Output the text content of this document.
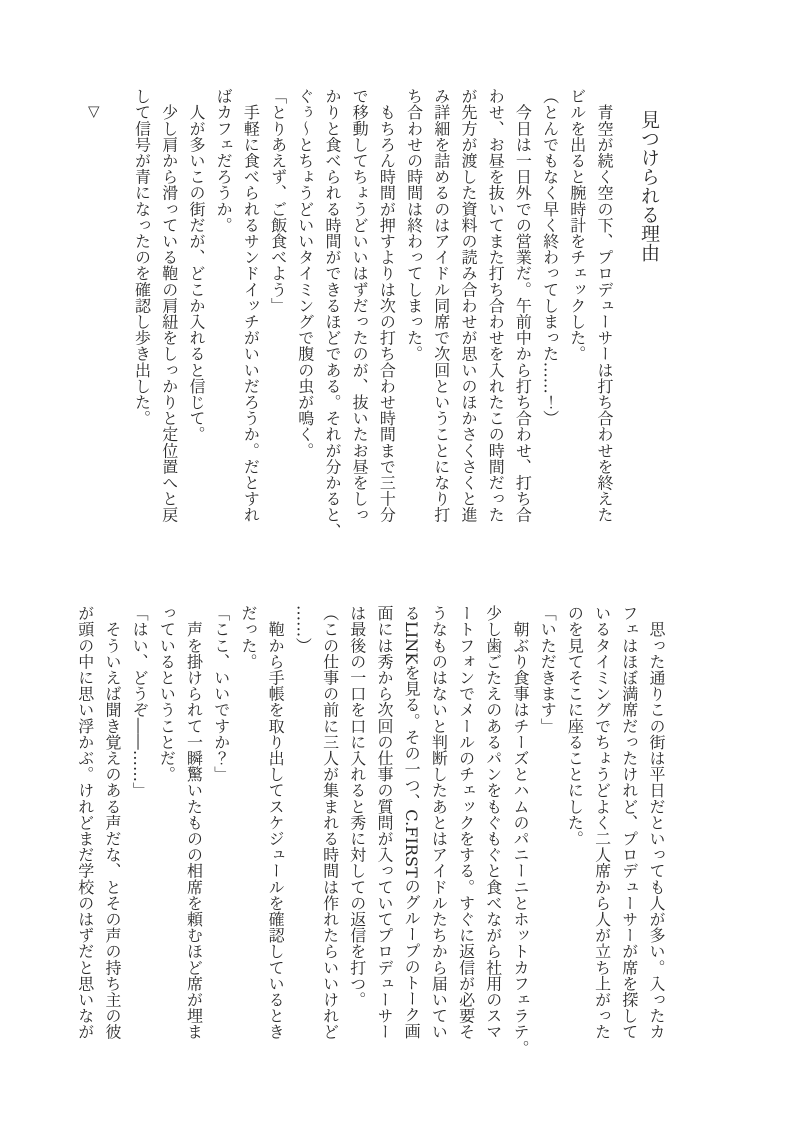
見つけられる理由

　青空が続く空の下、プロデューサーは打ち合わせを終えた

ビルを出ると腕時計をチェックした。

（とんでもなく早く終わってしまった……！）

　今日は一日外での営業だ。午前中から打ち合わせ、打ち合

わせ、お昼を抜いてまた打ち合わせを入れたこの時間だった

が先方が渡した資料の読み合わせが思いのほかさくさくと進

み詳細を詰めるのはアイドル同席で次回ということになり打

ち合わせの時間は終わってしまった。

　もちろん時間が押すよりは次の打ち合わせ時間まで三十分

で移動してちょうどいいはずだったのが、抜いたお昼をしっ

かりと食べられる時間ができるほどである。それが分かると、

ぐぅ〜とちょうどいいタイミングで腹の虫が鳴く。

「とりあえず、ご飯食べよう」

　手軽に食べられるサンドイッチがいいだろうか。だとすれ

ばカフェだろうか。

　人が多いこの街だが、どこか入れると信じて。

　少し肩から滑っている鞄の肩紐をしっかりと定位置へと戻

して信号が青になったのを確認し歩き出した。

▽

　思った通りこの街は平日だといっても人が多い。入ったカ

フェはほぼ満席だったけれど、プロデューサーが席を探して

いるタイミングでちょうどよく二人席から人が立ち上がった

のを見てそこに座ることにした。

「いただきます」

　朝ぶり食事はチーズとハムのパニーニとホットカフェラテ。

少し歯ごたえのあるパンをもぐもぐと食べながら社用のスマ

ートフォンでメールのチェックをする。すぐに返信が必要そ

うなものはないと判断したあとはアイドルたちから届いてい

るLINKを見る。その一つ、C.FIRSTのグループのトーク画

面には秀から次回の仕事の質問が入っていてプロデューサー

は最後の一口を口に入れると秀に対しての返信を打つ。

（この仕事の前に三人が集まれる時間は作れたらいいけれど

……）

　鞄から手帳を取り出してスケジュールを確認しているとき

だった。

「ここ、いいですか？」

　声を掛けられて一瞬驚いたものの相席を頼むほど席が埋ま

っているということだ。

「はい、どうぞ――……」

　そういえば聞き覚えのある声だな、とその声の持ち主の彼

が頭の中に思い浮かぶ。けれどまだ学校のはずだと思いなが
